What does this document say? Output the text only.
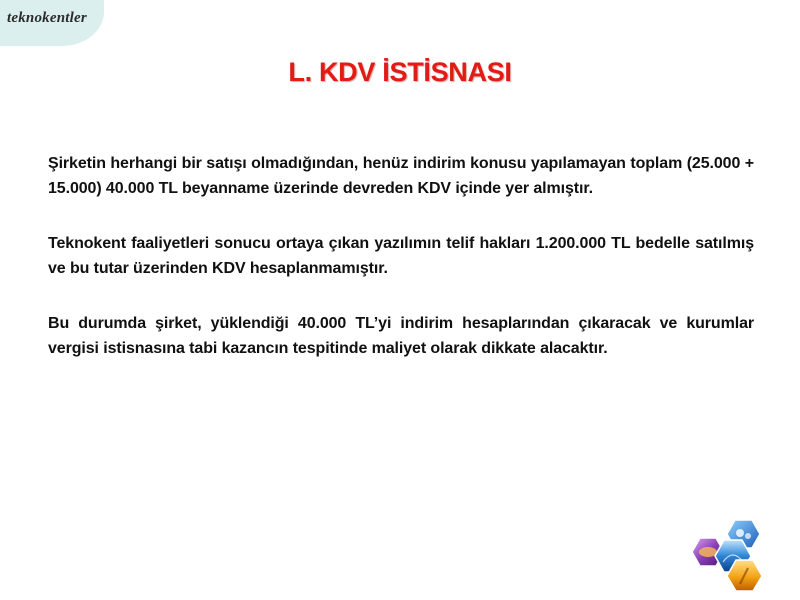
teknokentler
L. KDV İSTİSNASI

Şirketin herhangi bir satışı olmadığından, henüz indirim konusu yapılamayan toplam (25.000 + 15.000) 40.000 TL beyanname üzerinde devreden KDV içinde yer almıştır.

Teknokent faaliyetleri sonucu ortaya çıkan yazılımın telif hakları 1.200.000 TL bedelle satılmış ve bu tutar üzerinden KDV hesaplanmamıştır.

Bu durumda şirket, yüklendiği 40.000 TL’yi indirim hesaplarından çıkaracak ve kurumlar vergisi istisnasına tabi kazancın tespitinde maliyet olarak dikkate alacaktır.
